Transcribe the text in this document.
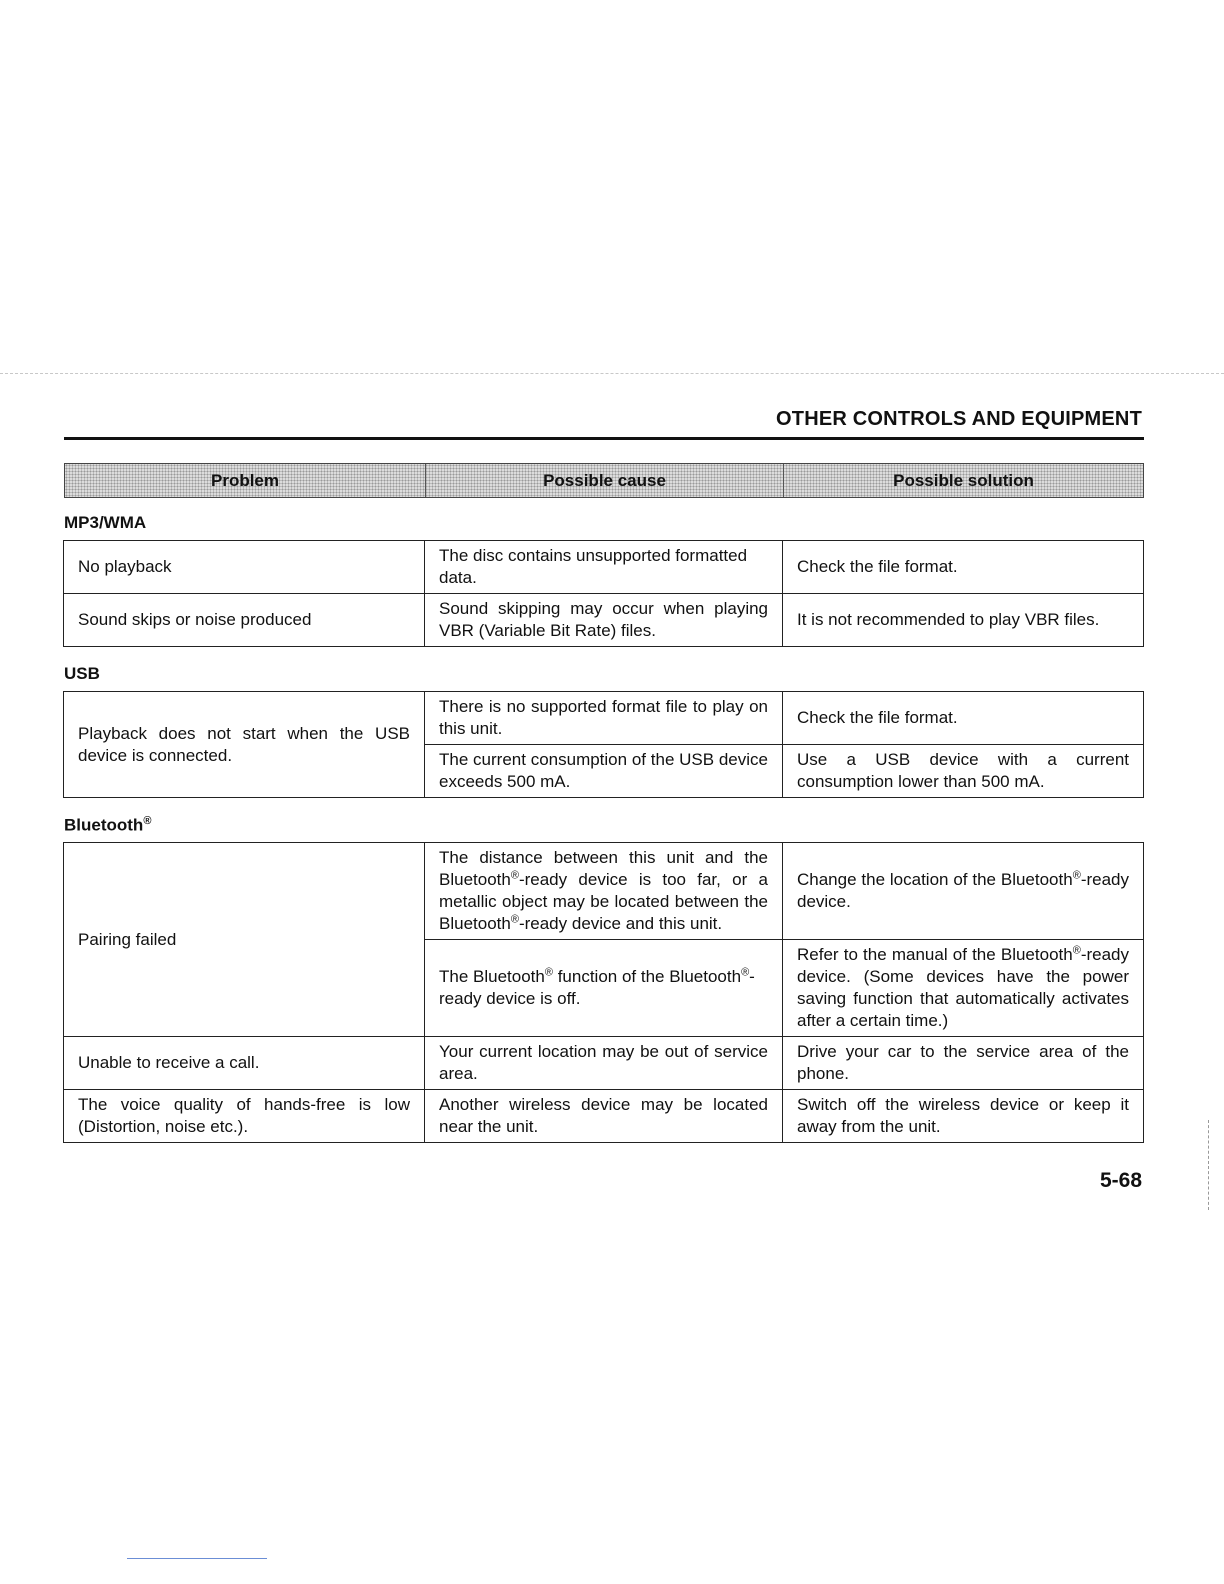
OTHER CONTROLS AND EQUIPMENT
Problem	Possible cause	Possible solution
MP3/WMA
No playback	The disc contains unsupported formatted data.	Check the file format.
Sound skips or noise produced	Sound skipping may occur when playing VBR (Variable Bit Rate) files.	It is not recommended to play VBR files.
USB
Playback does not start when the USB device is connected.	There is no supported format file to play on this unit.	Check the file format.
	The current consumption of the USB device exceeds 500 mA.	Use a USB device with a current consumption lower than 500 mA.
Bluetooth®
Pairing failed	The distance between this unit and the Bluetooth®-ready device is too far, or a metallic object may be located between the Bluetooth®-ready device and this unit.	Change the location of the Bluetooth®-ready device.
	The Bluetooth® function of the Bluetooth®-ready device is off.	Refer to the manual of the Bluetooth®-ready device. (Some devices have the power saving function that automatically activates after a certain time.)
Unable to receive a call.	Your current location may be out of service area.	Drive your car to the service area of the phone.
The voice quality of hands-free is low (Distortion, noise etc.).	Another wireless device may be located near the unit.	Switch off the wireless device or keep it away from the unit.
5-68
